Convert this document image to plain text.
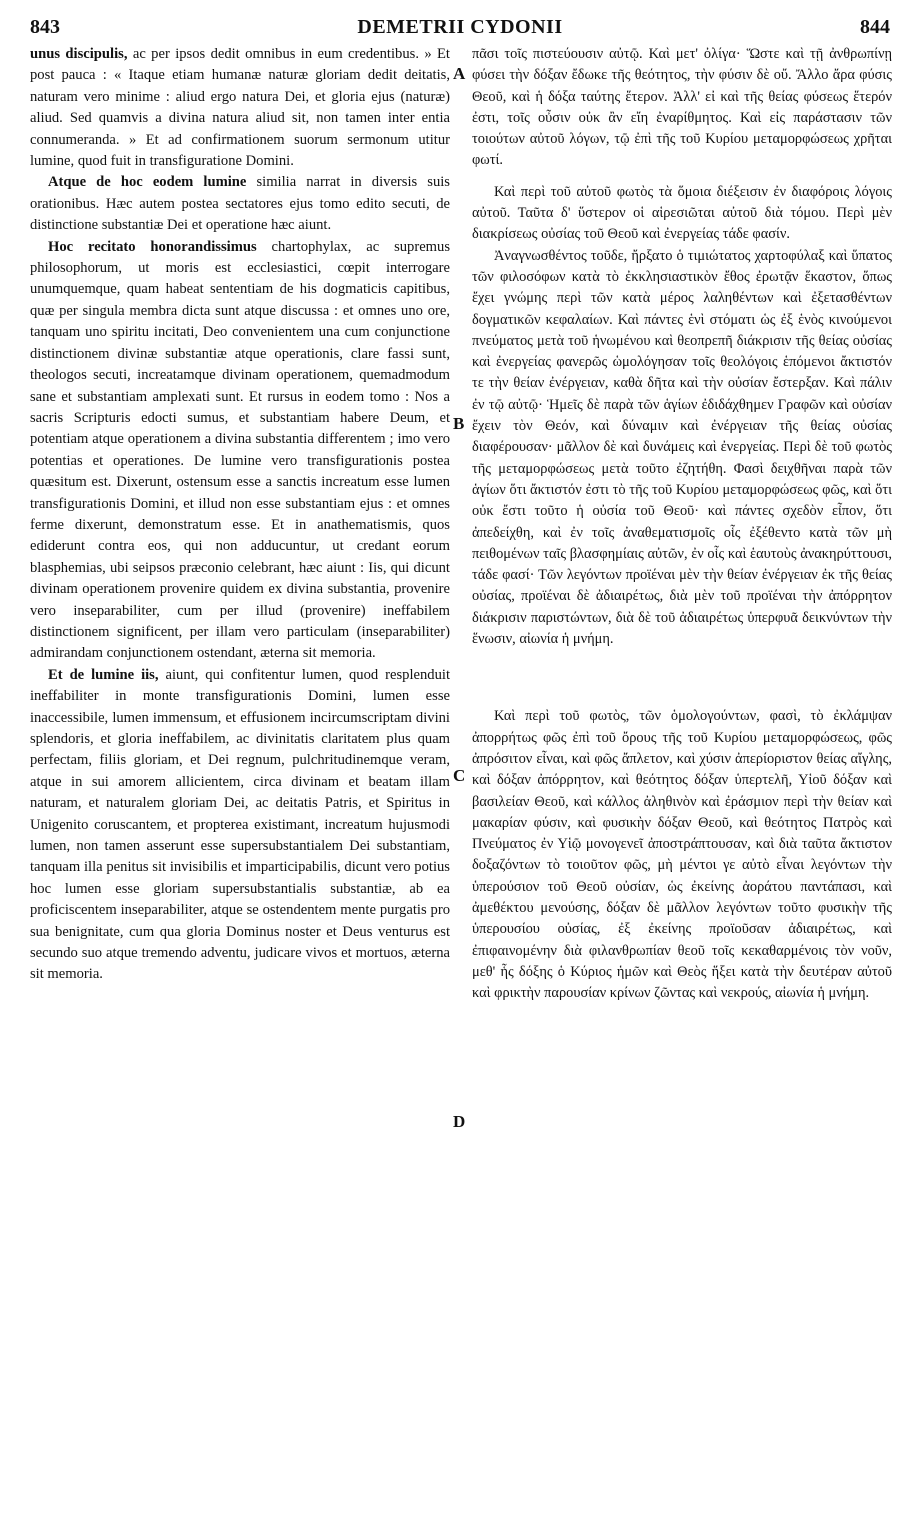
843	DEMETRII CYDONII	844

unus discipulis, ac per ipsos dedit omnibus in eum credentibus. » Et post pauca : « Itaque etiam humanæ naturæ gloriam dedit deitatis, naturam vero minime : aliud ergo natura Dei, et gloria ejus (naturæ) aliud. Sed quamvis a divina natura aliud sit, non tamen inter entia connumeranda. » Et ad confirmationem suorum sermonum utitur lumine, quod fuit in transfiguratione Domini.

Atque de hoc eodem lumine similia narrat in diversis suis orationibus. Hæc autem postea sectatores ejus tomo edito secuti, de distinctione substantiæ Dei et operatione hæc aiunt.

Hoc recitato honorandissimus chartophylax, ac supremus philosophorum, ut moris est ecclesiastici, cœpit interrogare unumquemque, quam habeat sententiam de his dogmaticis capitibus, quæ per singula membra dicta sunt atque discussa : et omnes uno ore, tanquam uno spiritu incitati, Deo convenientem una cum conjunctione distinctionem divinæ substantiæ atque operationis, clare fassi sunt, theologos secuti, increatamque divinam operationem, quemadmodum sane et substantiam amplexati sunt. Et rursus in eodem tomo : Nos a sacris Scripturis edocti sumus, et substantiam habere Deum, et potentiam atque operationem a divina substantia differentem ; imo vero potentias et operationes. De lumine vero transfigurationis postea quæsitum est. Dixerunt, ostensum esse a sanctis increatum esse lumen transfigurationis Domini, et illud non esse substantiam ejus : et omnes ferme dixerunt, demonstratum esse. Et in anathematismis, quos ediderunt contra eos, qui non adducuntur, ut credant eorum blasphemias, ubi seipsos præconio celebrant, hæc aiunt : Iis, qui dicunt divinam operationem provenire quidem ex divina substantia, provenire vero inseparabiliter, cum per illud (provenire) ineffabilem distinctionem significent, per illam vero particulam (inseparabiliter) admirandam conjunctionem ostendant, æterna sit memoria.

Et de lumine iis, aiunt, qui confitentur lumen, quod resplenduit ineffabiliter in monte transfigurationis Domini, lumen esse inaccessibile, lumen immensum, et effusionem incircumscriptam divini splendoris, et gloria ineffabilem, ac divinitatis claritatem plus quam perfectam, filiis gloriam, et Dei regnum, pulchritudinemque veram, atque in sui amorem allicientem, circa divinam et beatam illam naturam, et naturalem gloriam Dei, ac deitatis Patris, et Spiritus in Unigenito coruscantem, et propterea existimant, increatum hujusmodi lumen, non tamen asserunt esse supersubstantialem Dei substantiam, tanquam illa penitus sit invisibilis et imparticipabilis, dicunt vero potius hoc lumen esse gloriam supersubstantialis substantiæ, ab ea proficiscentem inseparabiliter, atque se ostendentem mente purgatis pro sua benignitate, cum qua gloria Dominus noster et Deus venturus est secundo suo atque tremendo adventu, judicare vivos et mortuos, æterna sit memoria.

A
B
C
D

πᾶσι τοῖς πιστεύουσιν αὐτῷ. Καὶ μετ' ὀλίγα· Ὥστε καὶ τῇ ἀνθρωπίνῃ φύσει τὴν δόξαν ἔδωκε τῆς θεότητος, τὴν φύσιν δὲ οὔ. Ἄλλο ἄρα φύσις Θεοῦ, καὶ ἡ δόξα ταύτης ἕτερον. Ἀλλ' εἰ καὶ τῆς θείας φύσεως ἕτερόν ἐστι, τοῖς οὖσιν οὐκ ἂν εἴη ἐναρίθμητος. Καὶ εἰς παράστασιν τῶν τοιούτων αὐτοῦ λόγων, τῷ ἐπὶ τῆς τοῦ Κυρίου μεταμορφώσεως χρῆται φωτί.

Καὶ περὶ τοῦ αὐτοῦ φωτὸς τὰ ὅμοια διέξεισιν ἐν διαφόροις λόγοις αὐτοῦ. Ταῦτα δ' ὕστερον οἱ αἱρεσιῶται αὐτοῦ διὰ τόμου. Περὶ μὲν διακρίσεως οὐσίας τοῦ Θεοῦ καὶ ἐνεργείας τάδε φασίν.

Ἀναγνωσθέντος τοῦδε, ἤρξατο ὁ τιμιώτατος χαρτοφύλαξ καὶ ὕπατος τῶν φιλοσόφων κατὰ τὸ ἐκκλησιαστικὸν ἔθος ἐρωτᾷν ἕκαστον, ὅπως ἔχει γνώμης περὶ τῶν κατὰ μέρος λαληθέντων καὶ ἐξετασθέντων δογματικῶν κεφαλαίων. Καὶ πάντες ἑνὶ στόματι ὡς ἐξ ἑνὸς κινούμενοι πνεύματος μετὰ τοῦ ἡνωμένου καὶ θεοπρεπῆ διάκρισιν τῆς θείας οὐσίας καὶ ἐνεργείας φανερῶς ὡμολόγησαν τοῖς θεολόγοις ἑπόμενοι ἄκτιστόν τε τὴν θείαν ἐνέργειαν, καθὰ δῆτα καὶ τὴν οὐσίαν ἔστερξαν. Καὶ πάλιν ἐν τῷ αὐτῷ· Ἡμεῖς δὲ παρὰ τῶν ἁγίων ἐδιδάχθημεν Γραφῶν καὶ οὐσίαν ἔχειν τὸν Θεόν, καὶ δύναμιν καὶ ἐνέργειαν τῆς θείας οὐσίας διαφέρουσαν· μᾶλλον δὲ καὶ δυνάμεις καὶ ἐνεργείας. Περὶ δὲ τοῦ φωτὸς τῆς μεταμορφώσεως μετὰ τοῦτο ἐζητήθη. Φασὶ δειχθῆναι παρὰ τῶν ἁγίων ὅτι ἄκτιστόν ἐστι τὸ τῆς τοῦ Κυρίου μεταμορφώσεως φῶς, καὶ ὅτι οὐκ ἔστι τοῦτο ἡ οὐσία τοῦ Θεοῦ· καὶ πάντες σχεδὸν εἶπον, ὅτι ἀπεδείχθη, καὶ ἐν τοῖς ἀναθεματισμοῖς οἷς ἐξέθεντο κατὰ τῶν μὴ πειθομένων ταῖς βλασφημίαις αὐτῶν, ἐν οἷς καὶ ἑαυτοὺς ἀνακηρύττουσι, τάδε φασί· Τῶν λεγόντων προϊέναι μὲν τὴν θείαν ἐνέργειαν ἐκ τῆς θείας οὐσίας, προϊέναι δὲ ἀδιαιρέτως, διὰ μὲν τοῦ προϊέναι τὴν ἀπόρρητον διάκρισιν παριστώντων, διὰ δὲ τοῦ ἀδιαιρέτως ὑπερφυᾶ δεικνύντων τὴν ἕνωσιν, αἰωνία ἡ μνήμη.

Καὶ περὶ τοῦ φωτὸς, τῶν ὁμολογούντων, φασὶ, τὸ ἐκλάμψαν ἀπορρήτως φῶς ἐπὶ τοῦ ὄρους τῆς τοῦ Κυρίου μεταμορφώσεως, φῶς ἀπρόσιτον εἶναι, καὶ φῶς ἄπλετον, καὶ χύσιν ἀπερίοριστον θείας αἴγλης, καὶ δόξαν ἀπόρρητον, καὶ θεότητος δόξαν ὑπερτελῆ, Υἱοῦ δόξαν καὶ βασιλείαν Θεοῦ, καὶ κάλλος ἀληθινὸν καὶ ἐράσμιον περὶ τὴν θείαν καὶ μακαρίαν φύσιν, καὶ φυσικὴν δόξαν Θεοῦ, καὶ θεότητος Πατρὸς καὶ Πνεύματος ἐν Υἱῷ μονογενεῖ ἀποστράπτουσαν, καὶ διὰ ταῦτα ἄκτιστον δοξαζόντων τὸ τοιοῦτον φῶς, μὴ μέντοι γε αὐτὸ εἶναι λεγόντων τὴν ὑπερούσιον τοῦ Θεοῦ οὐσίαν, ὡς ἐκείνης ἀοράτου παντάπασι, καὶ ἀμεθέκτου μενούσης, δόξαν δὲ μᾶλλον λεγόντων τοῦτο φυσικὴν τῆς ὑπερουσίου οὐσίας, ἐξ ἐκείνης προϊοῦσαν ἀδιαιρέτως, καὶ ἐπιφαινομένην διὰ φιλανθρωπίαν θεοῦ τοῖς κεκαθαρμένοις τὸν νοῦν, μεθ' ἧς δόξης ὁ Κύριος ἡμῶν καὶ Θεὸς ἥξει κατὰ τὴν δευτέραν αὐτοῦ καὶ φρικτὴν παρουσίαν κρίνων ζῶντας καὶ νεκρούς, αἰωνία ἡ μνήμη.
